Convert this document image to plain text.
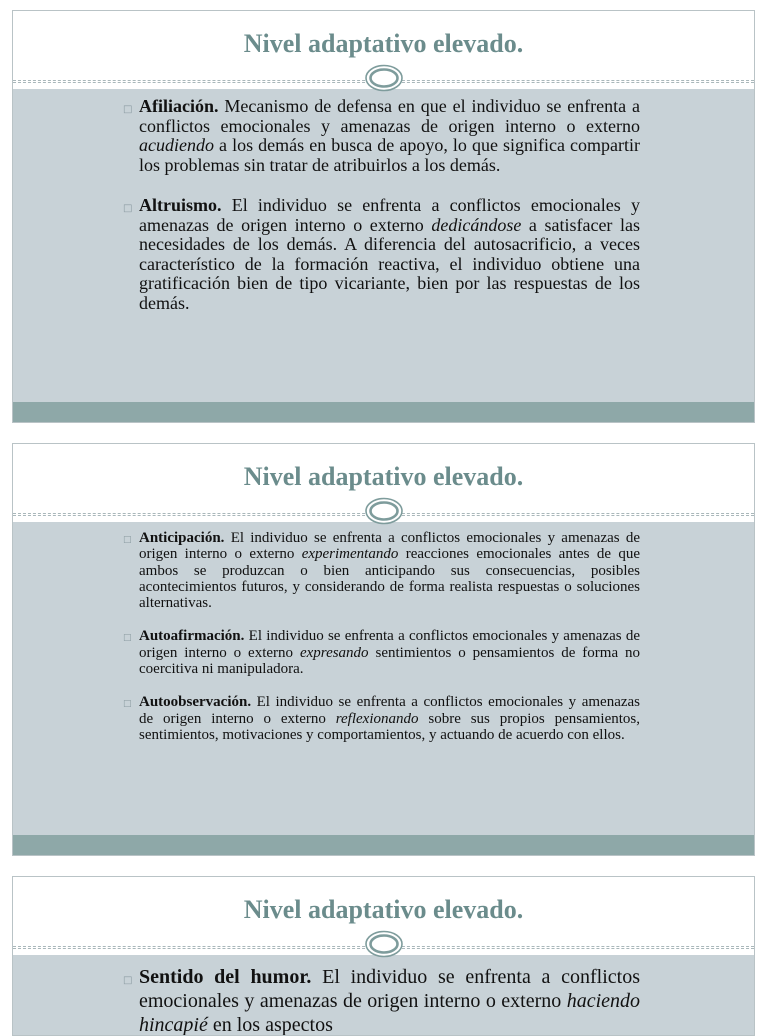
Nivel adaptativo elevado.
□ Afiliación. Mecanismo de defensa en que el individuo se enfrenta a conflictos emocionales y amenazas de origen interno o externo acudiendo a los demás en busca de apoyo, lo que significa compartir los problemas sin tratar de atribuirlos a los demás.
□ Altruismo. El individuo se enfrenta a conflictos emocionales y amenazas de origen interno o externo dedicándose a satisfacer las necesidades de los demás. A diferencia del autosacrificio, a veces característico de la formación reactiva, el individuo obtiene una gratificación bien de tipo vicariante, bien por las respuestas de los demás.
Nivel adaptativo elevado.
□ Anticipación. El individuo se enfrenta a conflictos emocionales y amenazas de origen interno o externo experimentando reacciones emocionales antes de que ambos se produzcan o bien anticipando sus consecuencias, posibles acontecimientos futuros, y considerando de forma realista respuestas o soluciones alternativas.
□ Autoafirmación. El individuo se enfrenta a conflictos emocionales y amenazas de origen interno o externo expresando sentimientos o pensamientos de forma no coercitiva ni manipuladora.
□ Autoobservación. El individuo se enfrenta a conflictos emocionales y amenazas de origen interno o externo reflexionando sobre sus propios pensamientos, sentimientos, motivaciones y comportamientos, y actuando de acuerdo con ellos.
Nivel adaptativo elevado.
□ Sentido del humor. El individuo se enfrenta a conflictos emocionales y amenazas de origen interno o externo haciendo hincapié en los aspectos
